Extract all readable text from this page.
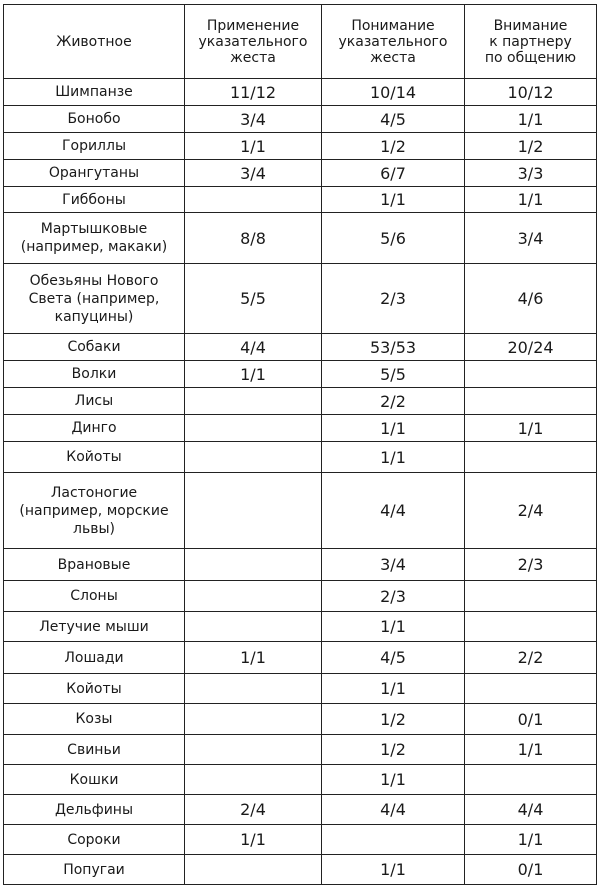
Животное	Применение
указательного
жеста	Понимание
указательного
жеста	Внимание
к партнеру
по общению

Шимпанзе	11/12	10/14	10/12

Бонобо	3/4	4/5	1/1

Гориллы	1/1	1/2	1/2

Орангутаны	3/4	6/7	3/3

Гиббоны		1/1	1/1

Мартышковые
(например, макаки)	8/8	5/6	3/4

Обезьяны Нового
Света (например,
капуцины)	5/5	2/3	4/6

Собаки	4/4	53/53	20/24

Волки	1/1	5/5	

Лисы		2/2	

Динго		1/1	1/1

Койоты		1/1	

Ластоногие
(например, морские
львы)		4/4	2/4

Врановые		3/4	2/3

Слоны		2/3	

Летучие мыши		1/1	

Лошади	1/1	4/5	2/2

Койоты		1/1	

Козы		1/2	0/1

Свиньи		1/2	1/1

Кошки		1/1	

Дельфины	2/4	4/4	4/4

Сороки	1/1		1/1

Попугаи		1/1	0/1
